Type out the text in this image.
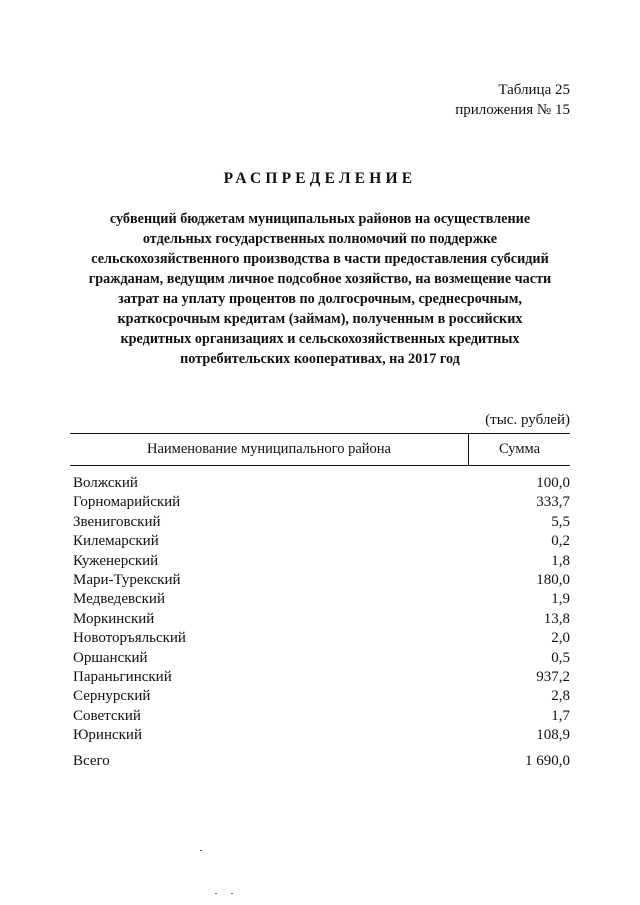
Таблица 25
приложения № 15
РАСПРЕДЕЛЕНИЕ
субвенций бюджетам муниципальных районов на осуществление
отдельных государственных полномочий по поддержке
сельскохозяйственного производства в части предоставления субсидий
гражданам, ведущим личное подсобное хозяйство, на возмещение части
затрат на уплату процентов по долгосрочным, среднесрочным,
краткосрочным кредитам (займам), полученным в российских
кредитных организациях и сельскохозяйственных кредитных
потребительских кооперативах, на 2017 год
(тыс. рублей)
Наименование муниципального района	Сумма
Волжский	100,0
Горномарийский	333,7
Звениговский	5,5
Килемарский	0,2
Куженерский	1,8
Мари-Турекский	180,0
Медведевский	1,9
Моркинский	13,8
Новоторъяльский	2,0
Оршанский	0,5
Параньгинский	937,2
Сернурский	2,8
Советский	1,7
Юринский	108,9
Всего	1 690,0
